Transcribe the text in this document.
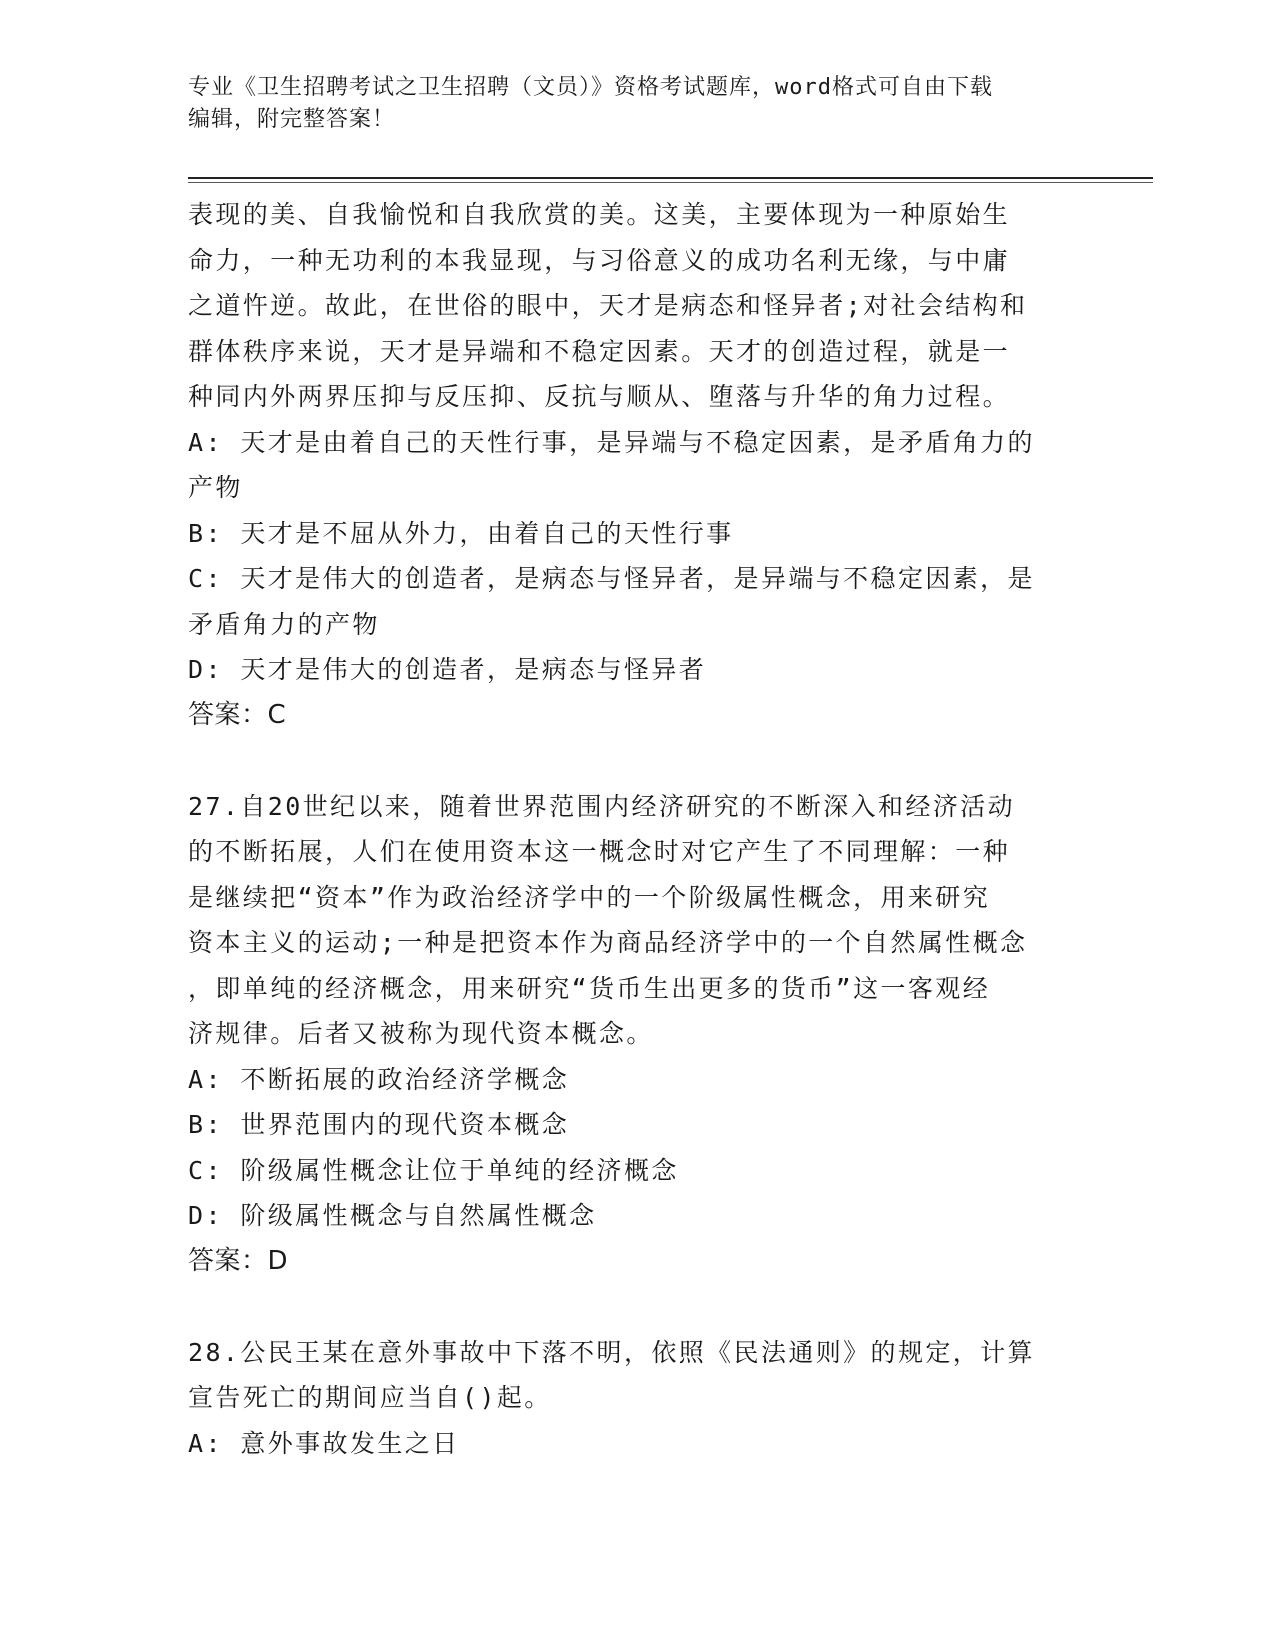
专业《卫生招聘考试之卫生招聘（文员）》资格考试题库，word格式可自由下载
编辑，附完整答案！
表现的美、自我愉悦和自我欣赏的美。这美，主要体现为一种原始生
命力，一种无功利的本我显现，与习俗意义的成功名利无缘，与中庸
之道忤逆。故此，在世俗的眼中，天才是病态和怪异者;对社会结构和
群体秩序来说，天才是异端和不稳定因素。天才的创造过程，就是一
种同内外两界压抑与反压抑、反抗与顺从、堕落与升华的角力过程。
A: 天才是由着自己的天性行事，是异端与不稳定因素，是矛盾角力的
产物
B: 天才是不屈从外力，由着自己的天性行事
C: 天才是伟大的创造者，是病态与怪异者，是异端与不稳定因素，是
矛盾角力的产物
D: 天才是伟大的创造者，是病态与怪异者
答案：C
27.自20世纪以来，随着世界范围内经济研究的不断深入和经济活动
的不断拓展，人们在使用资本这一概念时对它产生了不同理解：一种
是继续把“资本”作为政治经济学中的一个阶级属性概念，用来研究
资本主义的运动;一种是把资本作为商品经济学中的一个自然属性概念
，即单纯的经济概念，用来研究“货币生出更多的货币”这一客观经
济规律。后者又被称为现代资本概念。
A: 不断拓展的政治经济学概念
B: 世界范围内的现代资本概念
C: 阶级属性概念让位于单纯的经济概念
D: 阶级属性概念与自然属性概念
答案：D
28.公民王某在意外事故中下落不明，依照《民法通则》的规定，计算
宣告死亡的期间应当自()起。
A: 意外事故发生之日
